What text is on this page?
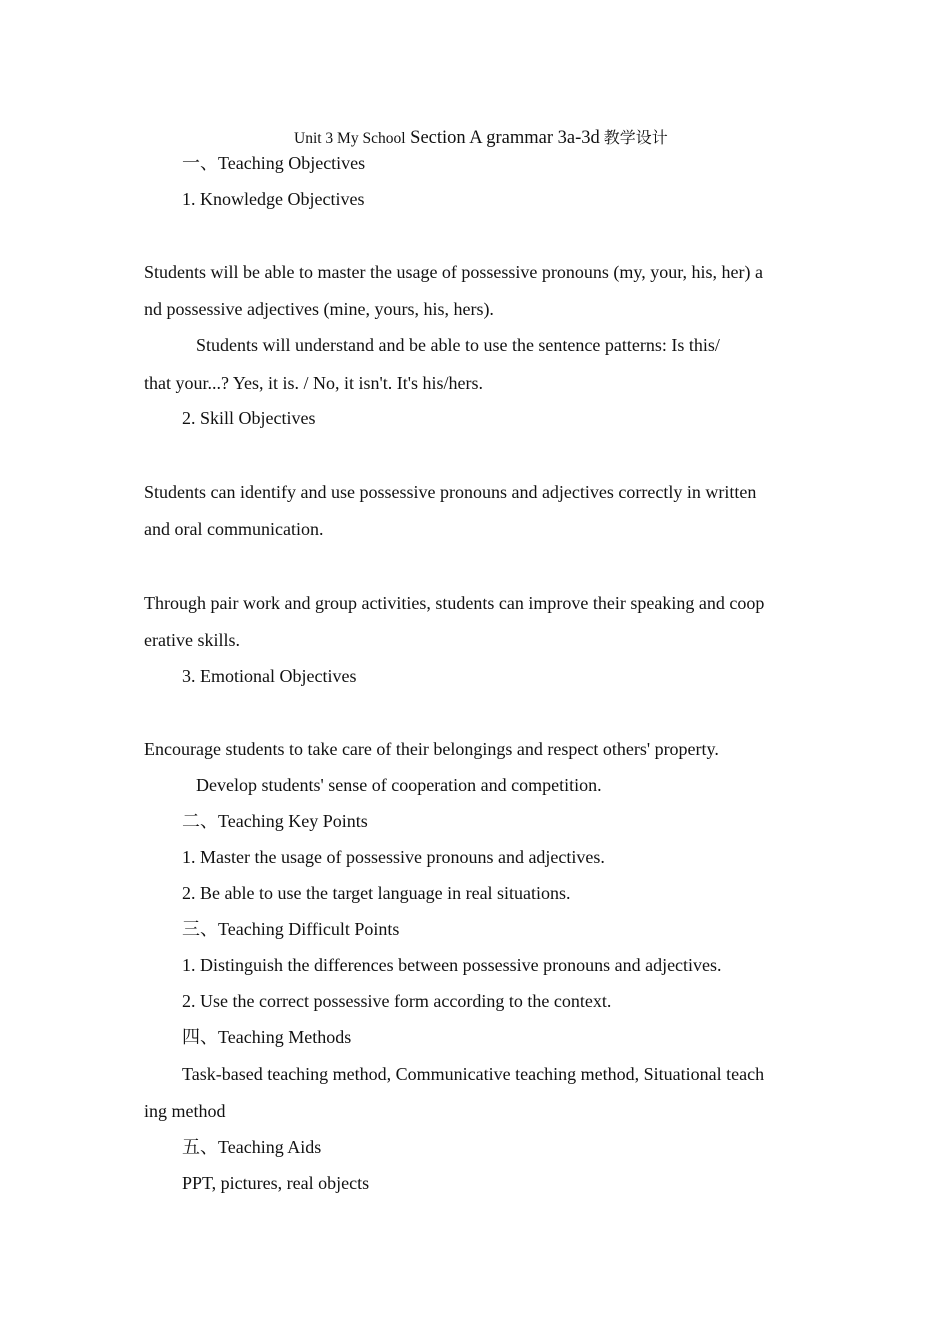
Unit 3 My School Section A grammar 3a-3d 教学设计
一、Teaching Objectives
1. Knowledge Objectives
Students will be able to master the usage of possessive pronouns (my, your, his, her) a
nd possessive adjectives (mine, yours, his, hers).
Students will understand and be able to use the sentence patterns: Is this/
that your...? Yes, it is. / No, it isn't. It's his/hers.
2. Skill Objectives
Students can identify and use possessive pronouns and adjectives correctly in written
and oral communication.
Through pair work and group activities, students can improve their speaking and coop
erative skills.
3. Emotional Objectives
Encourage students to take care of their belongings and respect others' property.
Develop students' sense of cooperation and competition.
二、Teaching Key Points
1. Master the usage of possessive pronouns and adjectives.
2. Be able to use the target language in real situations.
三、Teaching Difficult Points
1. Distinguish the differences between possessive pronouns and adjectives.
2. Use the correct possessive form according to the context.
四、Teaching Methods
Task-based teaching method, Communicative teaching method, Situational teach
ing method
五、Teaching Aids
PPT, pictures, real objects
